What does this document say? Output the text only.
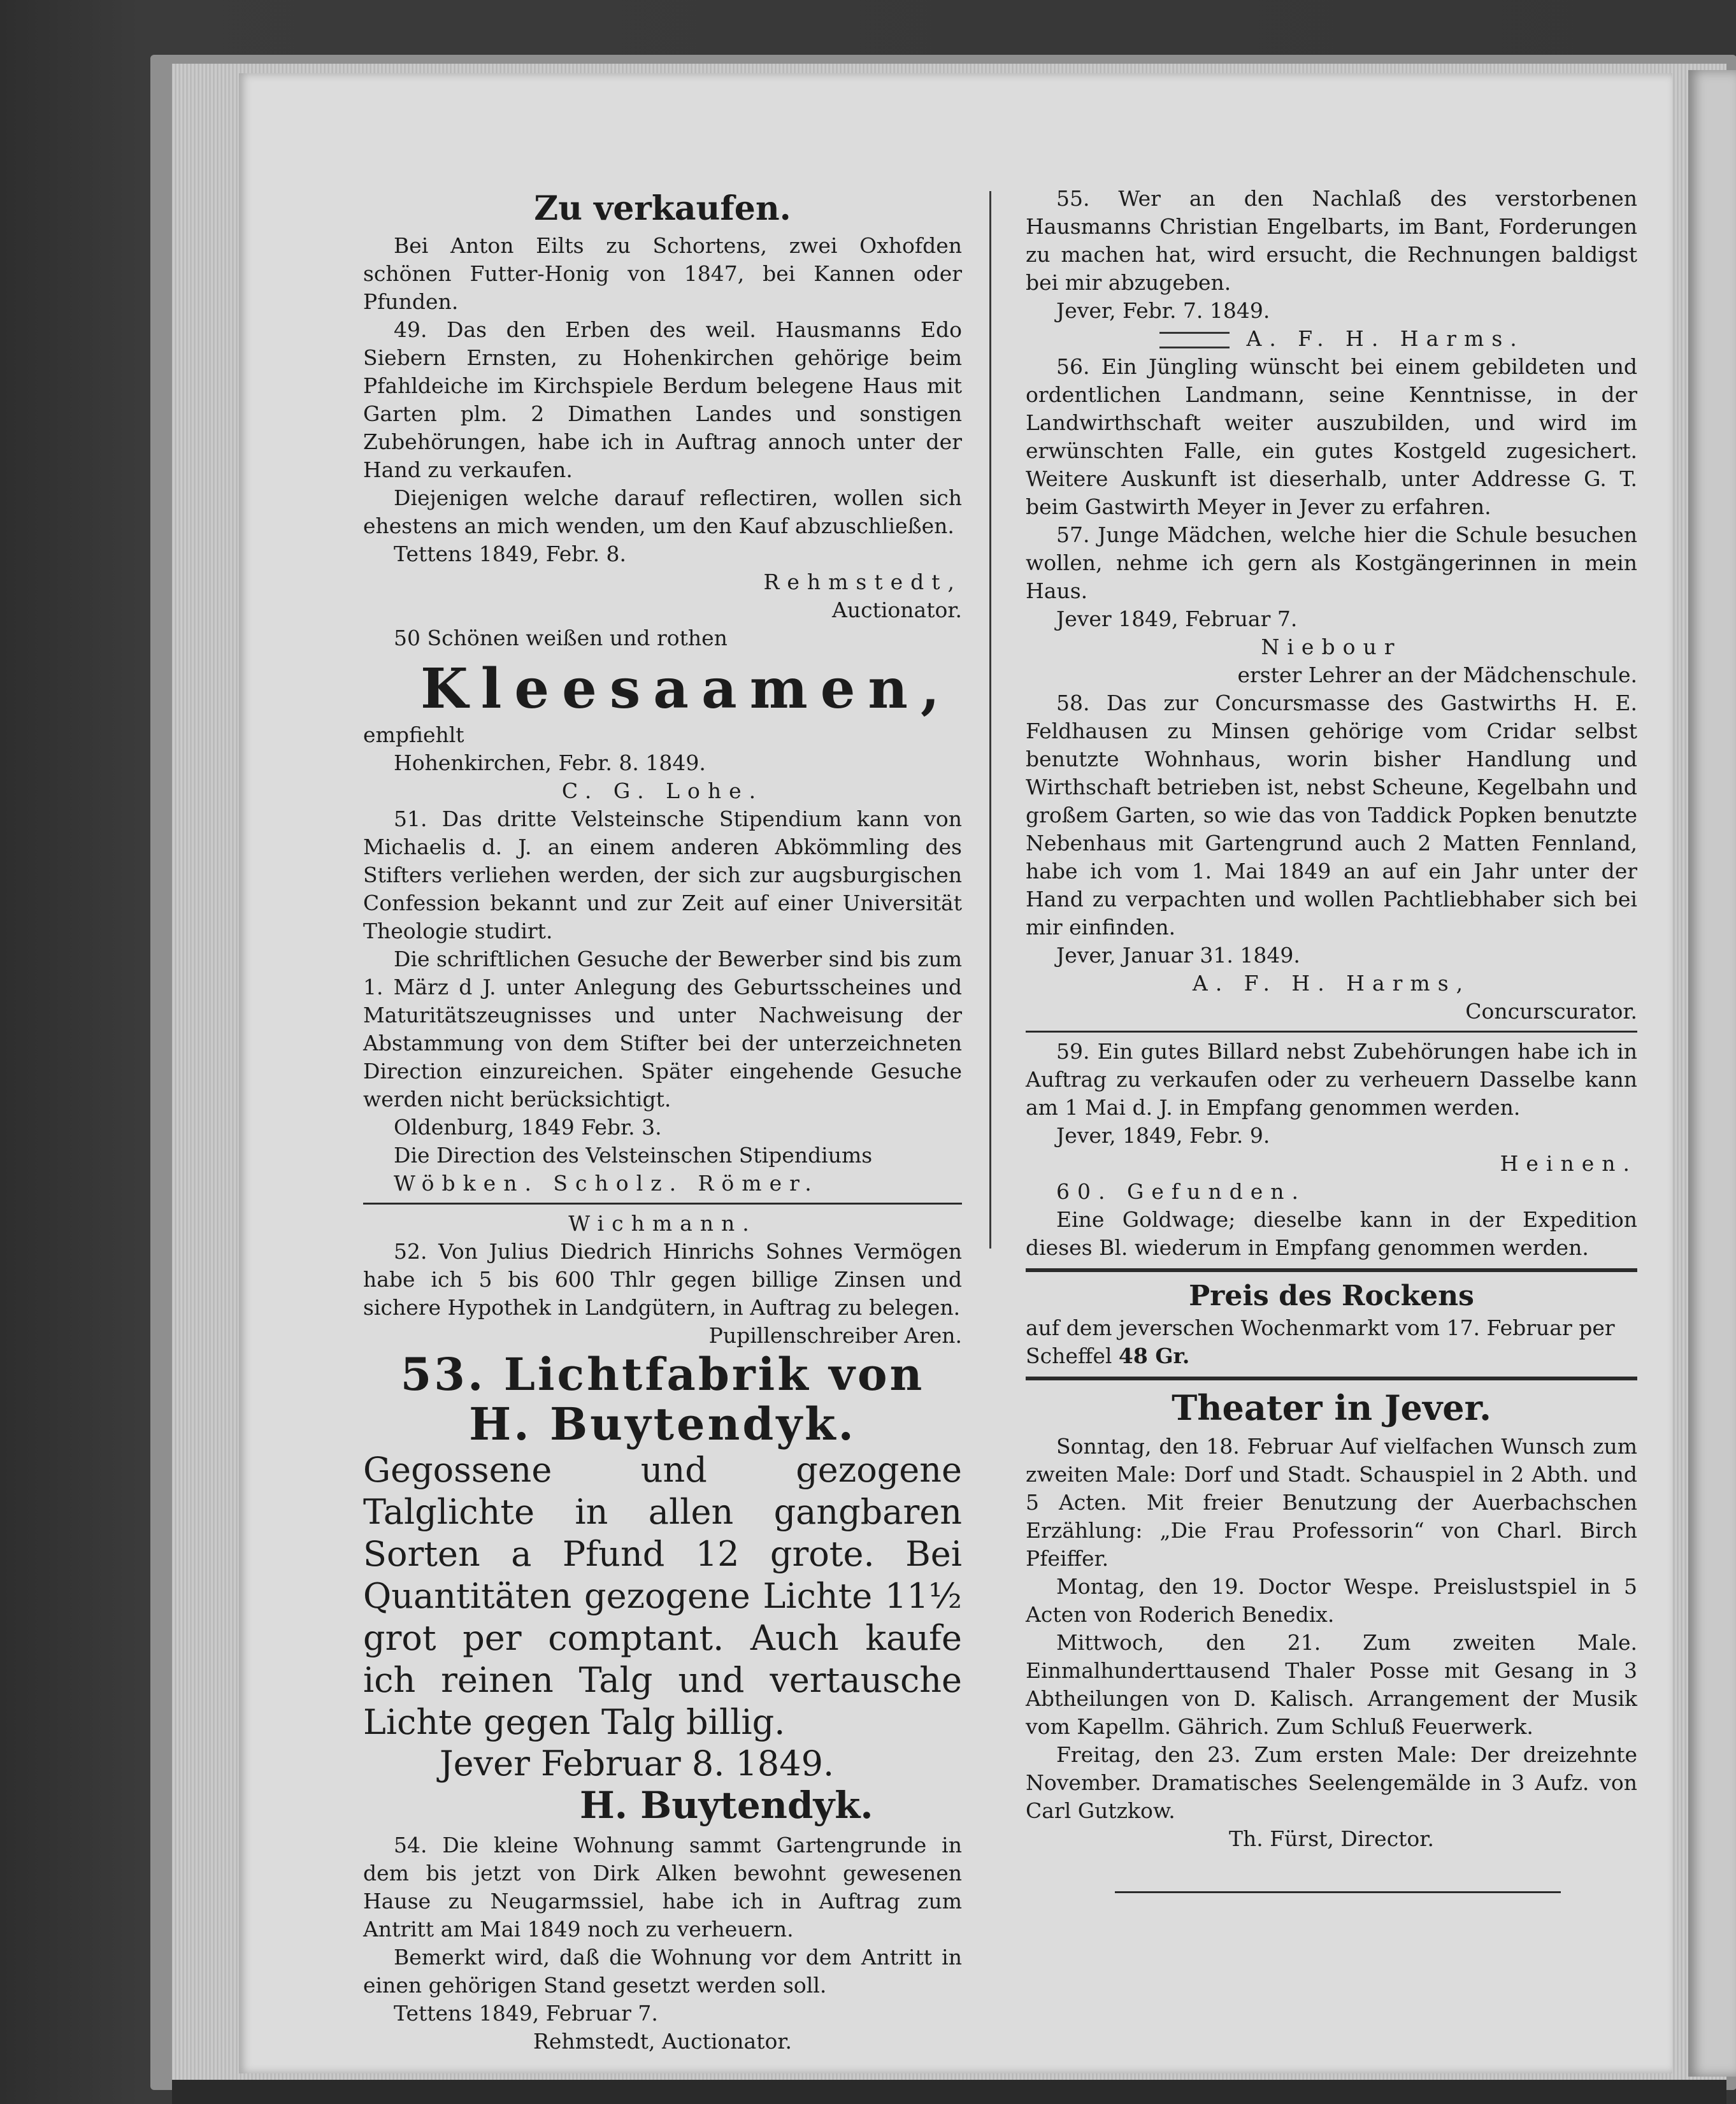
Zu verkaufen.

Bei Anton Eilts zu Schortens, zwei Oxhofden schönen Futter-Honig von 1847, bei Kannen oder Pfunden.

49. Das den Erben des weil. Hausmanns Edo Siebern Ernsten, zu Hohenkirchen gehörige beim Pfahldeiche im Kirchspiele Berdum belegene Haus mit Garten plm. 2 Dimathen Landes und sonstigen Zubehörungen, habe ich in Auftrag annoch unter der Hand zu verkaufen.

Diejenigen welche darauf reflectiren, wollen sich ehestens an mich wenden, um den Kauf abzuschließen.

Tettens 1849, Febr. 8.

Rehmstedt,

Auctionator.

50 Schönen weißen und rothen

Kleesaamen,

empfiehlt

Hohenkirchen, Febr. 8. 1849.

C. G. Lohe.

51. Das dritte Velsteinsche Stipendium kann von Michaelis d. J. an einem anderen Abkömmling des Stifters verliehen werden, der sich zur augsburgischen Confession bekannt und zur Zeit auf einer Universität Theologie studirt.

Die schriftlichen Gesuche der Bewerber sind bis zum 1. März d J. unter Anlegung des Geburtsscheines und Maturitätszeugnisses und unter Nachweisung der Abstammung von dem Stifter bei der unterzeichneten Direction einzureichen. Später eingehende Gesuche werden nicht berücksichtigt.

Oldenburg, 1849 Febr. 3.

Die Direction des Velsteinschen Stipendiums

Wöbken. Scholz. Römer.

Wichmann.

52. Von Julius Diedrich Hinrichs Sohnes Vermögen habe ich 5 bis 600 Thlr gegen billige Zinsen und sichere Hypothek in Landgütern, in Auftrag zu belegen.

Pupillenschreiber Aren.

53. Lichtfabrik von H. Buytendyk.

Gegossene und gezogene Talglichte in allen gangbaren Sorten a Pfund 12 grote. Bei Quantitäten gezogene Lichte 11½ grot per comptant. Auch kaufe ich reinen Talg und vertausche Lichte gegen Talg billig.

Jever Februar 8. 1849.

H. Buytendyk.

54. Die kleine Wohnung sammt Gartengrunde in dem bis jetzt von Dirk Alken bewohnt gewesenen Hause zu Neugarmssiel, habe ich in Auftrag zum Antritt am Mai 1849 noch zu verheuern.

Bemerkt wird, daß die Wohnung vor dem Antritt in einen gehörigen Stand gesetzt werden soll.

Tettens 1849, Februar 7.

Rehmstedt, Auctionator.

55. Wer an den Nachlaß des verstorbenen Hausmanns Christian Engelbarts, im Bant, Forderungen zu machen hat, wird ersucht, die Rechnungen baldigst bei mir abzugeben.

Jever, Febr. 7. 1849.

A. F. H. Harms.

56. Ein Jüngling wünscht bei einem gebildeten und ordentlichen Landmann, seine Kenntnisse, in der Landwirthschaft weiter auszubilden, und wird im erwünschten Falle, ein gutes Kostgeld zugesichert. Weitere Auskunft ist dieserhalb, unter Addresse G. T. beim Gastwirth Meyer in Jever zu erfahren.

57. Junge Mädchen, welche hier die Schule besuchen wollen, nehme ich gern als Kostgängerinnen in mein Haus.

Jever 1849, Februar 7.

Niebour

erster Lehrer an der Mädchenschule.

58. Das zur Concursmasse des Gastwirths H. E. Feldhausen zu Minsen gehörige vom Cridar selbst benutzte Wohnhaus, worin bisher Handlung und Wirthschaft betrieben ist, nebst Scheune, Kegelbahn und großem Garten, so wie das von Taddick Popken benutzte Nebenhaus mit Gartengrund auch 2 Matten Fennland, habe ich vom 1. Mai 1849 an auf ein Jahr unter der Hand zu verpachten und wollen Pachtliebhaber sich bei mir einfinden.

Jever, Januar 31. 1849.

A. F. H. Harms,

Concurscurator.

59. Ein gutes Billard nebst Zubehörungen habe ich in Auftrag zu verkaufen oder zu verheuern Dasselbe kann am 1 Mai d. J. in Empfang genommen werden.

Jever, 1849, Febr. 9.

Heinen.

60. Gefunden.

Eine Goldwage; dieselbe kann in der Expedition dieses Bl. wiederum in Empfang genommen werden.

Preis des Rockens

auf dem jeverschen Wochenmarkt vom 17. Februar per

Scheffel 48 Gr.

Theater in Jever.

Sonntag, den 18. Februar Auf vielfachen Wunsch zum zweiten Male: Dorf und Stadt. Schauspiel in 2 Abth. und 5 Acten. Mit freier Benutzung der Auerbachschen Erzählung: „Die Frau Professorin“ von Charl. Birch Pfeiffer.

Montag, den 19. Doctor Wespe. Preislustspiel in 5 Acten von Roderich Benedix.

Mittwoch, den 21. Zum zweiten Male. Einmalhunderttausend Thaler Posse mit Gesang in 3 Abtheilungen von D. Kalisch. Arrangement der Musik vom Kapellm. Gährich. Zum Schluß Feuerwerk.

Freitag, den 23. Zum ersten Male: Der dreizehnte November. Dramatisches Seelengemälde in 3 Aufz. von Carl Gutzkow.

Th. Fürst, Director.
